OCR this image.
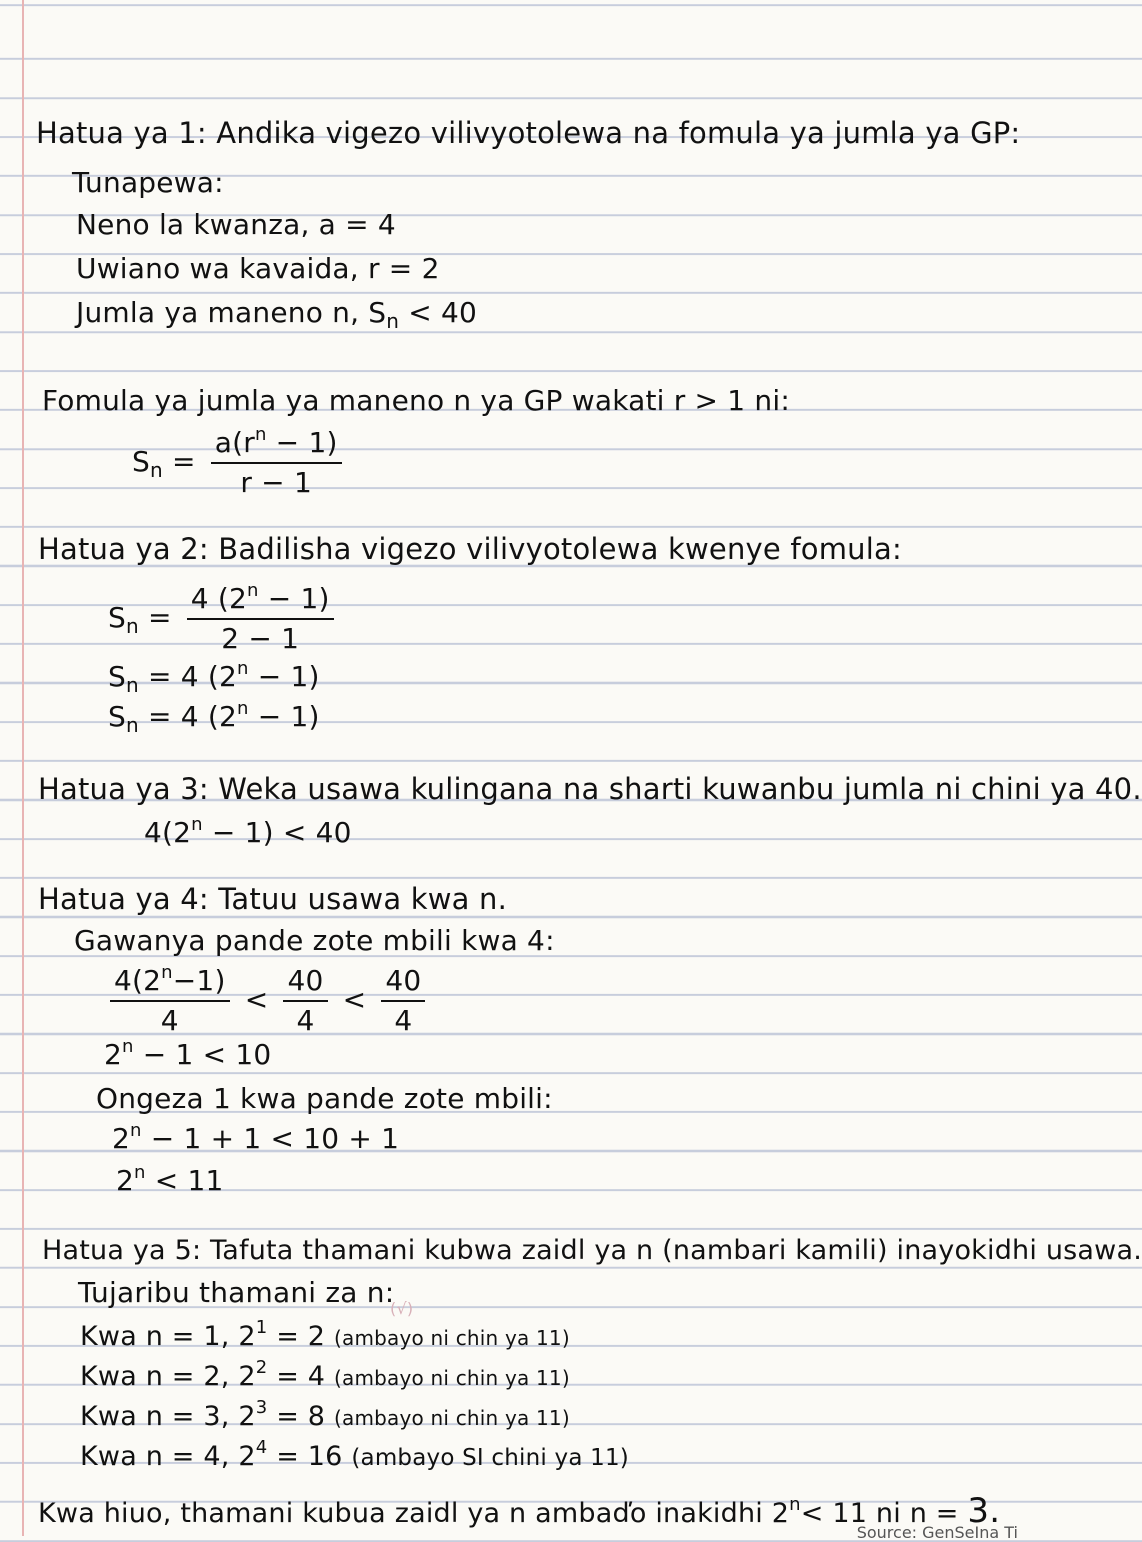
Hatua ya 1: Andika vigezo vilivyotolewa na fomula ya jumla ya GP:
Tunapewa:
Neno la kwanza, a = 4
Uwiano wa kavaida, r = 2
Jumla ya maneno n, $S_n < 40$
Fomula ya jumla ya maneno n ya GP wakati r > 1 ni:
$S_n = \frac{a(r^n - 1)}{r - 1}$
Hatua ya 2: Badilisha vigezo vilivyotolewa kwenye fomula:
$S_n = \frac{4 (2^n - 1)}{2 - 1}$
$S_n = 4$ $(2^n - 1)$
$S_n = 4$ $(2^n - 1)$
Hatua ya 3: Weka usawa kulingana na sharti kuwanbu jumla ni chini ya 40.
$4(2^n - 1) < 40$
Hatua ya 4: Tatuu usawa kwa n.
Gawanya pande zote mbili kwa 4:
$\frac{4(2^n-1)}{4} < \frac{40}{4} < \frac{40}{4}$
$2^n - 1 < 10$
Ongeza 1 kwa pande zote mbili:
$2^n - 1 + 1 < 10 + 1$
$2^n < 11$
Hatua ya 5: Tafuta thamani kubwa zaidl ya n (nambari kamili) inayokidhi usawa.
Tujaribu thamani za n:
(√)
Kwa n = 1, $2^1 = 2$ (ambayo ni chin ya 11)
Kwa n = 2, $2^2 = 4$ (ambayo ni chin ya 11)
Kwa n = 3, $2^3 = 8$ (ambayo ni chin ya 11)
Kwa n = 4, $2^4 = 16$ (ambayo SI chini ya 11)
Kwa hiuo, thamani kubua zaidl ya n ambaďo inakidhi $2^n< 11$ ni n = 3.
Source: GenSeIna Ti
